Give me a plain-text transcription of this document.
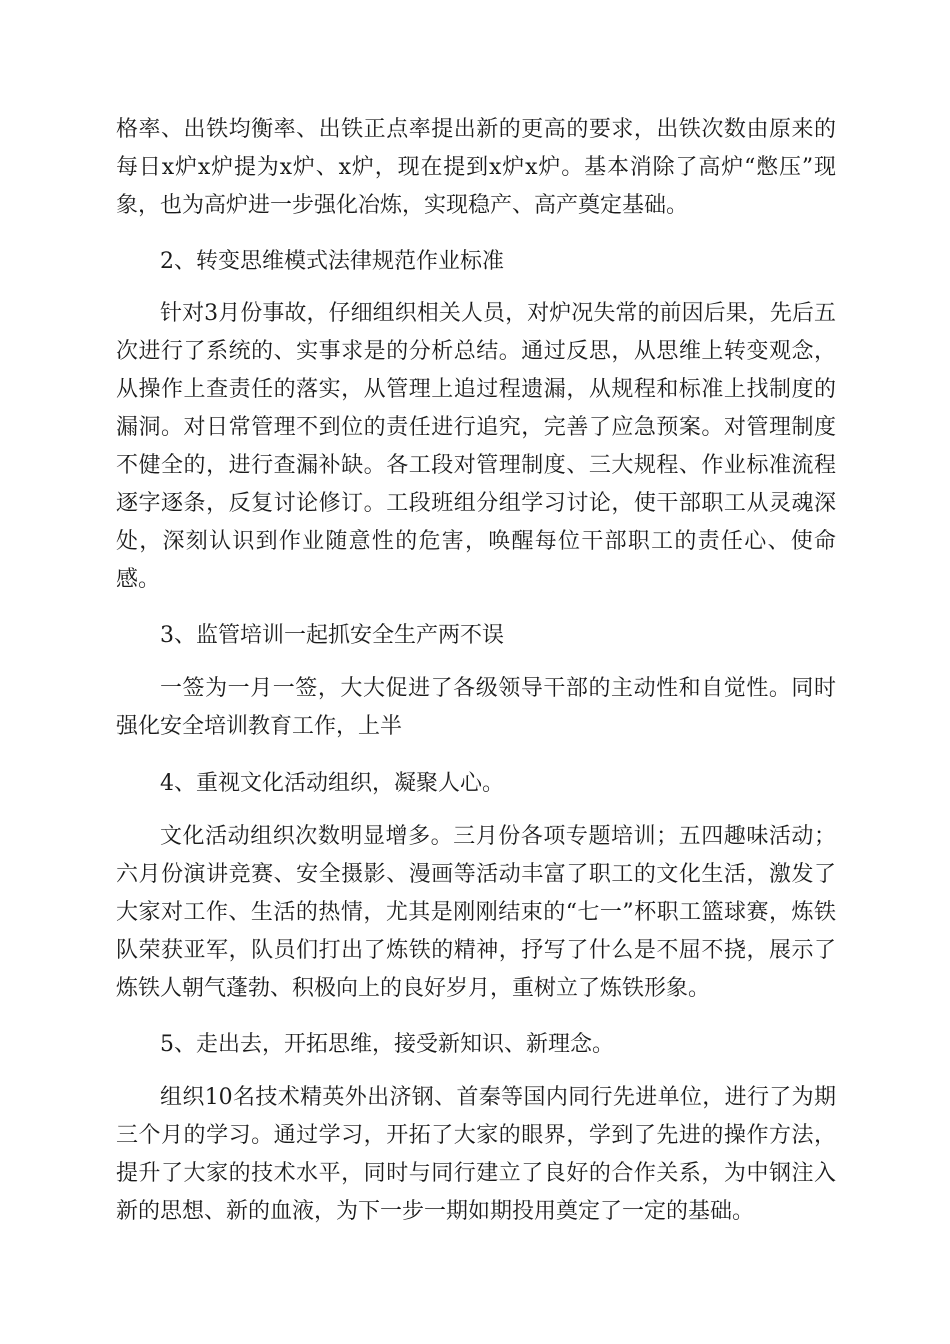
格率、出铁均衡率、出铁正点率提出新的更高的要求，出铁次数由原来的每日x炉x炉提为x炉、x炉，现在提到x炉x炉。基本消除了高炉“憋压”现象，也为高炉进一步强化冶炼，实现稳产、高产奠定基础。

2、转变思维模式法律规范作业标准

针对3月份事故，仔细组织相关人员，对炉况失常的前因后果，先后五次进行了系统的、实事求是的分析总结。通过反思，从思维上转变观念，从操作上查责任的落实，从管理上追过程遗漏，从规程和标准上找制度的漏洞。对日常管理不到位的责任进行追究，完善了应急预案。对管理制度不健全的，进行查漏补缺。各工段对管理制度、三大规程、作业标准流程逐字逐条，反复讨论修订。工段班组分组学习讨论，使干部职工从灵魂深处，深刻认识到作业随意性的危害，唤醒每位干部职工的责任心、使命感。

3、监管培训一起抓安全生产两不误

一签为一月一签，大大促进了各级领导干部的主动性和自觉性。同时强化安全培训教育工作，上半

4、重视文化活动组织，凝聚人心。

文化活动组织次数明显增多。三月份各项专题培训；五四趣味活动；六月份演讲竞赛、安全摄影、漫画等活动丰富了职工的文化生活，激发了大家对工作、生活的热情，尤其是刚刚结束的“七一”杯职工篮球赛，炼铁队荣获亚军，队员们打出了炼铁的精神，抒写了什么是不屈不挠，展示了炼铁人朝气蓬勃、积极向上的良好岁月，重树立了炼铁形象。

5、走出去，开拓思维，接受新知识、新理念。

组织10名技术精英外出济钢、首秦等国内同行先进单位，进行了为期三个月的学习。通过学习，开拓了大家的眼界，学到了先进的操作方法，提升了大家的技术水平，同时与同行建立了良好的合作关系，为中钢注入新的思想、新的血液，为下一步一期如期投用奠定了一定的基础。
